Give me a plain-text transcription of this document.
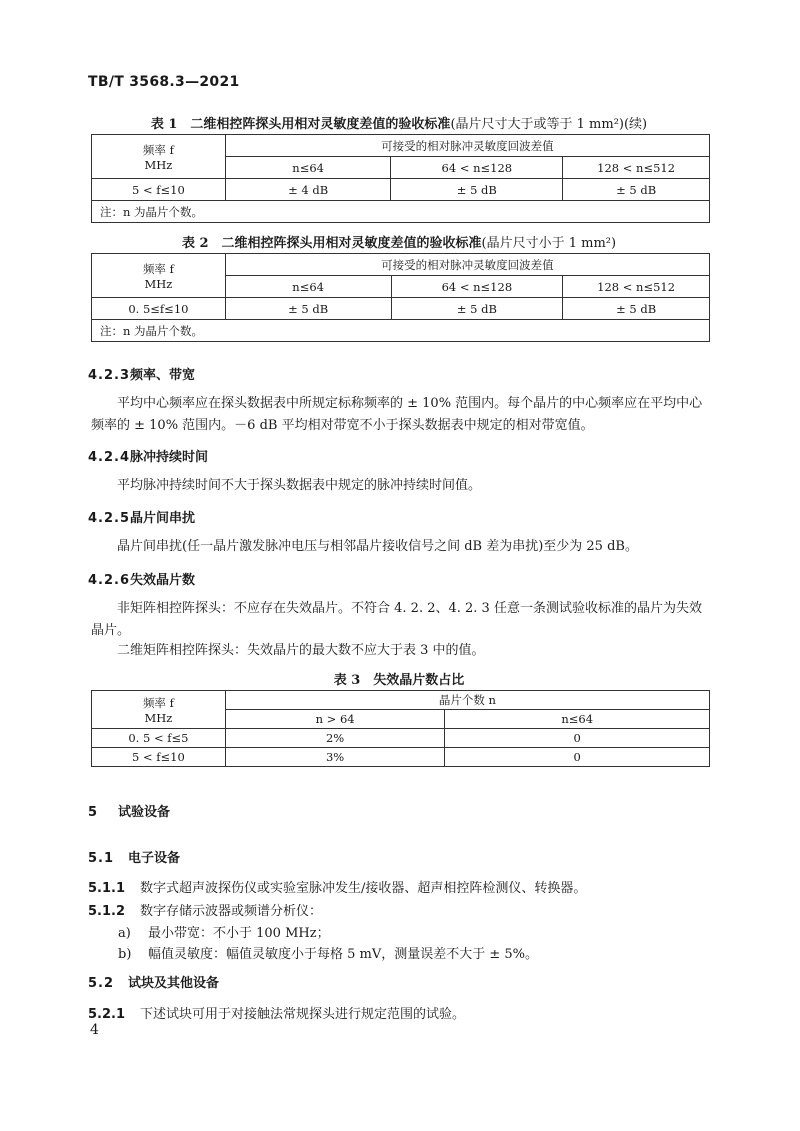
TB/T 3568.3—2021
表 1　二维相控阵探头用相对灵敏度差值的验收标准(晶片尺寸大于或等于 1 mm²)(续)
频率 f
MHz	可接受的相对脉冲灵敏度回波差值		
	n≤64	64 < n≤128	128 < n≤512
5 < f≤10	± 4 dB	± 5 dB	± 5 dB
注：n 为晶片个数。			
表 2　二维相控阵探头用相对灵敏度差值的验收标准(晶片尺寸小于 1 mm²)
频率 f
MHz	可接受的相对脉冲灵敏度回波差值		
	n≤64	64 < n≤128	128 < n≤512
0. 5≤f≤10	± 5 dB	± 5 dB	± 5 dB
注：n 为晶片个数。			
4.2.3频率、带宽
平均中心频率应在探头数据表中所规定标称频率的 ± 10% 范围内。每个晶片的中心频率应在平均中心频率的 ± 10% 范围内。－6 dB 平均相对带宽不小于探头数据表中规定的相对带宽值。
4.2.4脉冲持续时间
平均脉冲持续时间不大于探头数据表中规定的脉冲持续时间值。
4.2.5晶片间串扰
晶片间串扰(任一晶片激发脉冲电压与相邻晶片接收信号之间 dB 差为串扰)至少为 25 dB。
4.2.6失效晶片数
非矩阵相控阵探头：不应存在失效晶片。不符合 4. 2. 2、4. 2. 3 任意一条测试验收标准的晶片为失效晶片。
二维矩阵相控阵探头：失效晶片的最大数不应大于表 3 中的值。
表 3　失效晶片数占比
频率 f
MHz	晶片个数 n	
	n > 64	n≤64
0. 5 < f≤5	2%	0
5 < f≤10	3%	0
5 试验设备
5.1 电子设备
5.1.1 数字式超声波探伤仪或实验室脉冲发生/接收器、超声相控阵检测仪、转换器。
5.1.2 数字存储示波器或频谱分析仪：
a) 最小带宽：不小于 100 MHz；
b) 幅值灵敏度：幅值灵敏度小于每格 5 mV，测量误差不大于 ± 5%。
5.2 试块及其他设备
5.2.1 下述试块可用于对接触法常规探头进行规定范围的试验。
4
